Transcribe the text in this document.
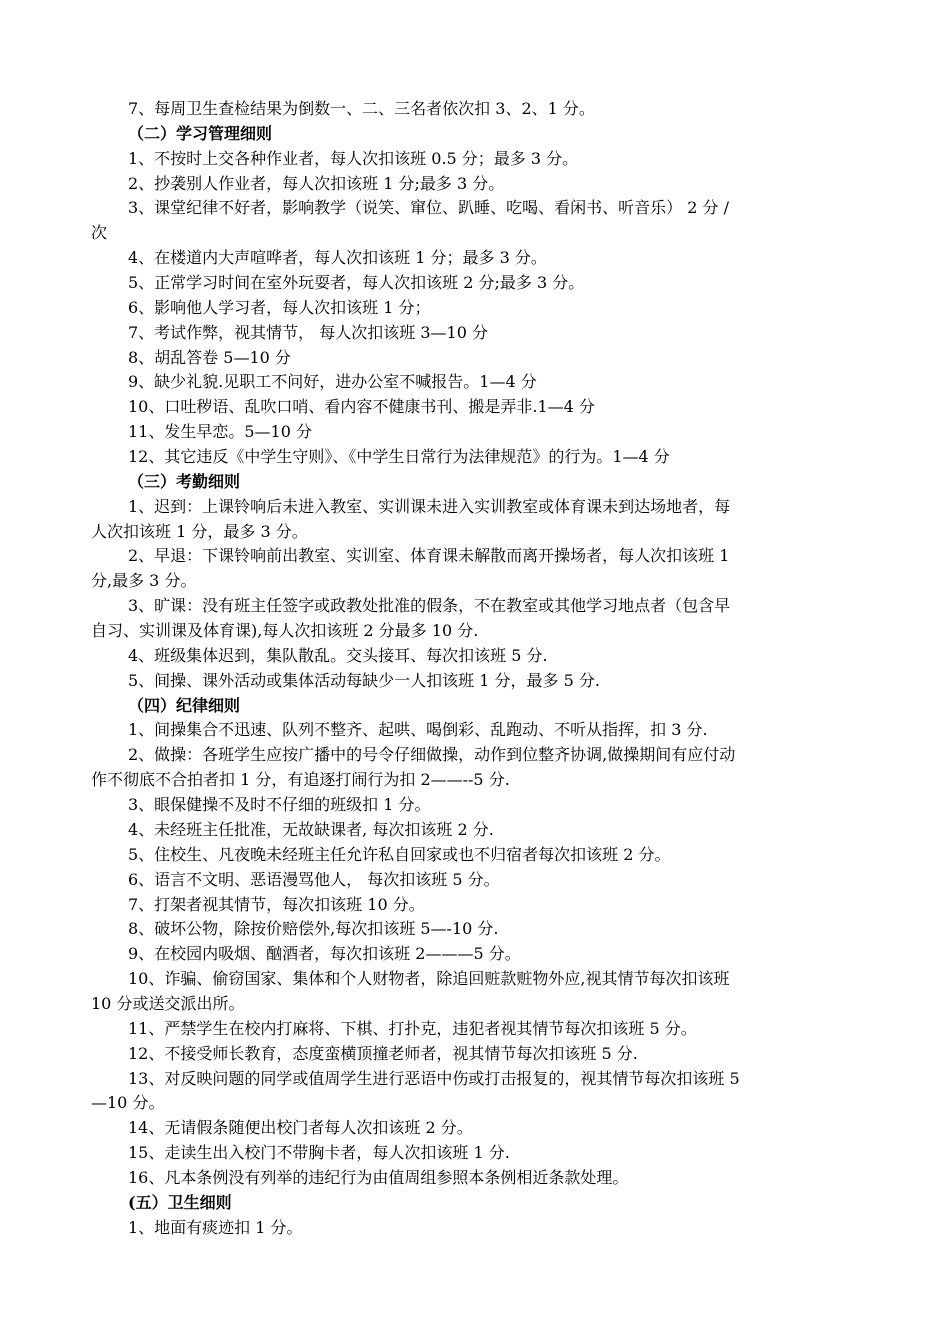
7、每周卫生查检结果为倒数一、二、三名者依次扣 3、2、1 分。
（二）学习管理细则
1、不按时上交各种作业者，每人次扣该班 0.5 分；最多 3 分。
2、抄袭别人作业者，每人次扣该班 1 分;最多 3 分。
3、课堂纪律不好者，影响教学（说笑、窜位、趴睡、吃喝、看闲书、听音乐） 2 分 /
次
4、在楼道内大声喧哗者，每人次扣该班 1 分；最多 3 分。
5、正常学习时间在室外玩耍者，每人次扣该班 2 分;最多 3 分。
6、影响他人学习者，每人次扣该班 1 分；
7、考试作弊，视其情节， 每人次扣该班 3—10 分
8、胡乱答卷 5—10 分
9、缺少礼貌.见职工不问好，进办公室不喊报告。1—4 分
10、口吐秽语、乱吹口哨、看内容不健康书刊、搬是弄非.1—4 分
11、发生早恋。5—10 分
12、其它违反《中学生守则》、《中学生日常行为法律规范》的行为。1—4 分
（三）考勤细则
1、迟到：上课铃响后未进入教室、实训课未进入实训教室或体育课未到达场地者，每
人次扣该班 1 分，最多 3 分。
2、早退：下课铃响前出教室、实训室、体育课未解散而离开操场者，每人次扣该班 1
分,最多 3 分。
3、旷课：没有班主任签字或政教处批准的假条，不在教室或其他学习地点者（包含早
自习、实训课及体育课),每人次扣该班 2 分最多 10 分.
4、班级集体迟到，集队散乱。交头接耳、每次扣该班 5 分.
5、间操、课外活动或集体活动每缺少一人扣该班 1 分，最多 5 分.
（四）纪律细则
1、间操集合不迅速、队列不整齐、起哄、喝倒彩、乱跑动、不听从指挥，扣 3 分.
2、做操：各班学生应按广播中的号令仔细做操，动作到位整齐协调,做操期间有应付动
作不彻底不合拍者扣 1 分，有追逐打闹行为扣 2——--5 分.
3、眼保健操不及时不仔细的班级扣 1 分。
4、未经班主任批准，无故缺课者, 每次扣该班 2 分.
5、住校生、凡夜晚未经班主任允许私自回家或也不归宿者每次扣该班 2 分。
6、语言不文明、恶语漫骂他人， 每次扣该班 5 分。
7、打架者视其情节，每次扣该班 10 分。
8、破坏公物，除按价赔偿外,每次扣该班 5—-10 分.
9、在校园内吸烟、酗酒者，每次扣该班 2———5 分。
10、诈骗、偷窃国家、集体和个人财物者，除追回赃款赃物外应,视其情节每次扣该班
10 分或送交派出所。
11、严禁学生在校内打麻将、下棋、打扑克，违犯者视其情节每次扣该班 5 分。
12、不接受师长教育，态度蛮横顶撞老师者，视其情节每次扣该班 5 分.
13、对反映问题的同学或值周学生进行恶语中伤或打击报复的，视其情节每次扣该班 5
—10 分。
14、无请假条随便出校门者每人次扣该班 2 分。
15、走读生出入校门不带胸卡者，每人次扣该班 1 分.
16、凡本条例没有列举的违纪行为由值周组参照本条例相近条款处理。
(五）卫生细则
1、地面有痰迹扣 1 分。
